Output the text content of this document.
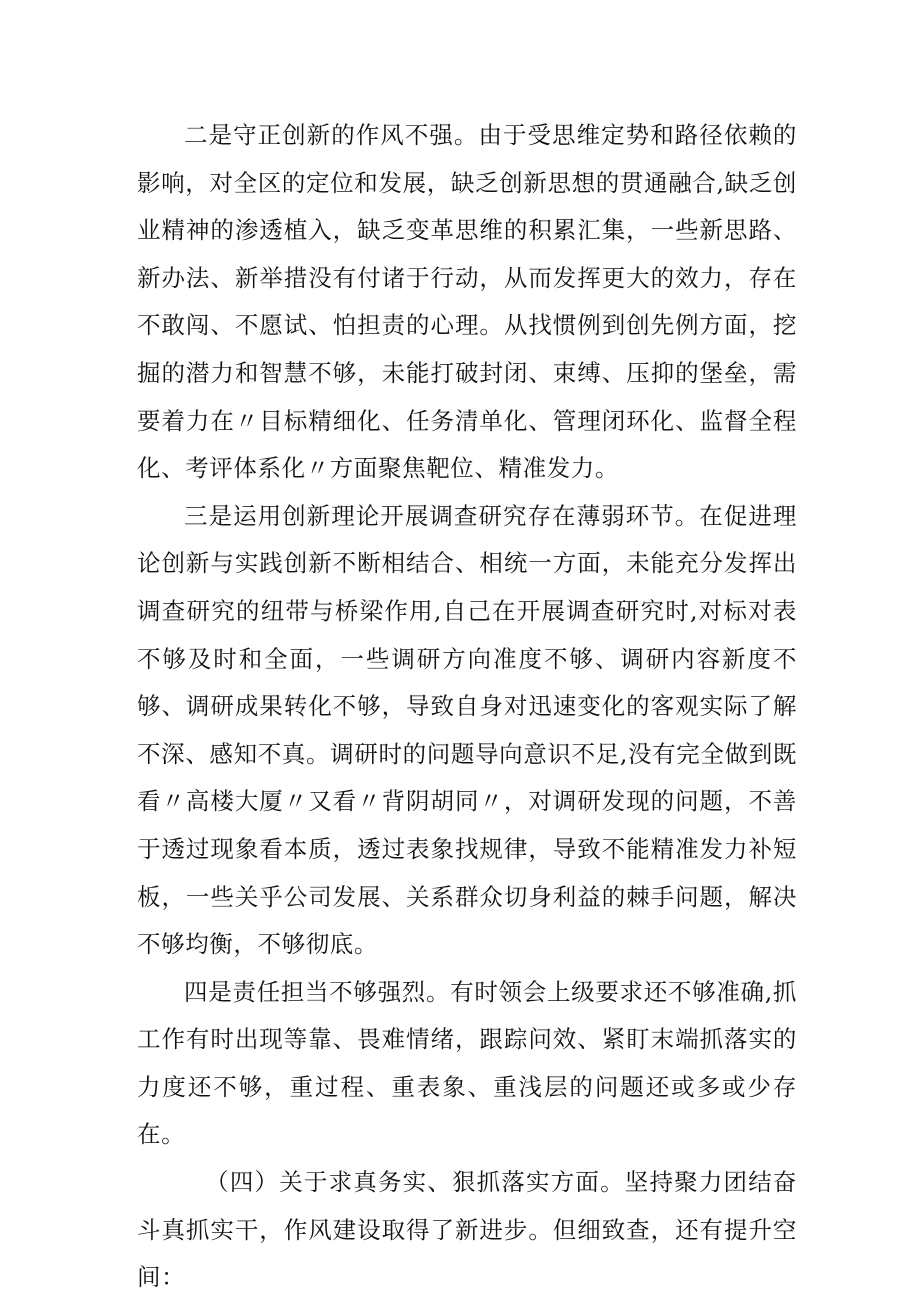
二是守正创新的作风不强。由于受思维定势和路径依赖的影响，对全区的定位和发展，缺乏创新思想的贯通融合,缺乏创业精神的渗透植入，缺乏变革思维的积累汇集，一些新思路、新办法、新举措没有付诸于行动，从而发挥更大的效力，存在不敢闯、不愿试、怕担责的心理。从找惯例到创先例方面，挖掘的潜力和智慧不够，未能打破封闭、束缚、压抑的堡垒，需要着力在〃目标精细化、任务清单化、管理闭环化、监督全程化、考评体系化〃方面聚焦靶位、精准发力。

三是运用创新理论开展调查研究存在薄弱环节。在促进理论创新与实践创新不断相结合、相统一方面，未能充分发挥出调查研究的纽带与桥梁作用,自己在开展调查研究时,对标对表不够及时和全面，一些调研方向准度不够、调研内容新度不够、调研成果转化不够，导致自身对迅速变化的客观实际了解不深、感知不真。调研时的问题导向意识不足,没有完全做到既看〃高楼大厦〃又看〃背阴胡同〃，对调研发现的问题，不善于透过现象看本质，透过表象找规律，导致不能精准发力补短板，一些关乎公司发展、关系群众切身利益的棘手问题，解决不够均衡，不够彻底。

四是责任担当不够强烈。有时领会上级要求还不够准确,抓工作有时出现等靠、畏难情绪，跟踪问效、紧盯末端抓落实的力度还不够，重过程、重表象、重浅层的问题还或多或少存在。

（四）关于求真务实、狠抓落实方面。坚持聚力团结奋斗真抓实干，作风建设取得了新进步。但细致查，还有提升空间：
